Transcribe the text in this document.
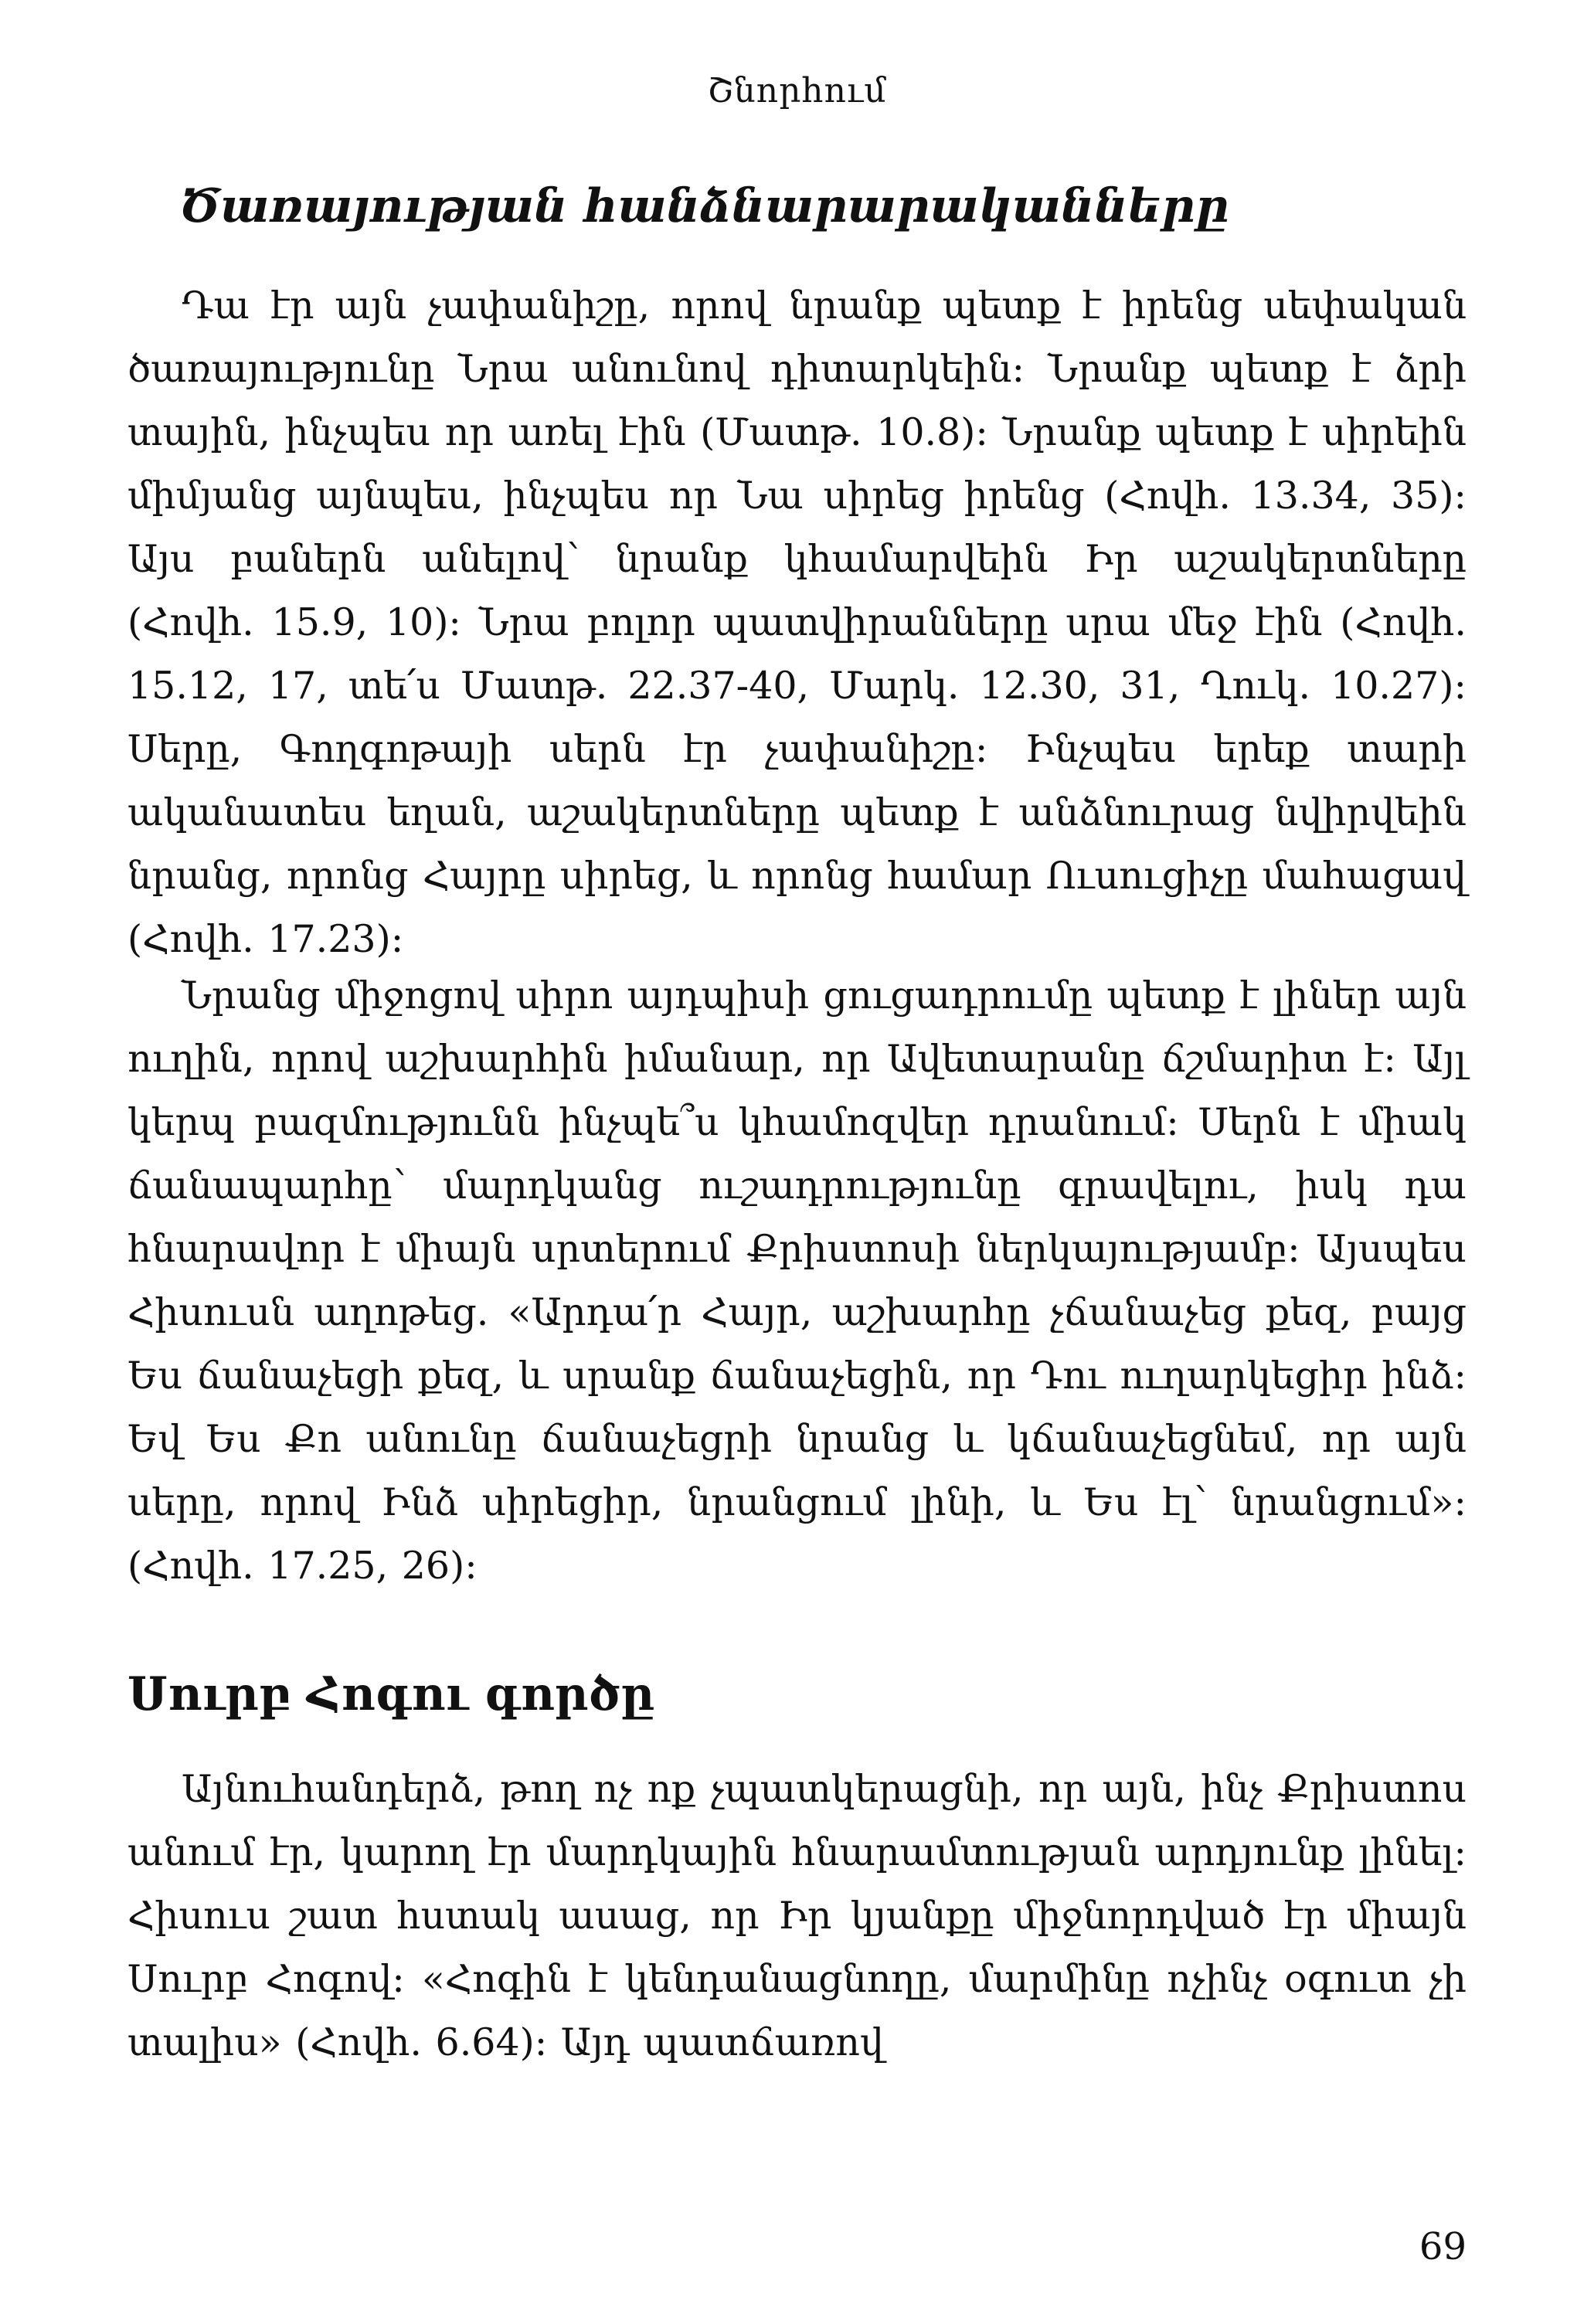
Շնորհում
Ծառայության հանձնարարականները

Դա էր այն չափանիշը, որով նրանք պետք է իրենց սեփական ծառայությունը Նրա անունով դիտարկեին: Նրանք պետք է ձրի տային, ինչպես որ առել էին (Մատթ. 10.8): Նրանք պետք է սիրեին միմյանց այնպես, ինչպես որ Նա սիրեց իրենց (Հովհ. 13.34, 35): Այս բաներն անելով՝ նրանք կհամարվեին Իր աշակերտները (Հովհ. 15.9, 10): Նրա բոլոր պատվիրանները սրա մեջ էին (Հովհ. 15.12, 17, տե՛ս Մատթ. 22.37-40, Մարկ. 12.30, 31, Ղուկ. 10.27): Սերը, Գողգոթայի սերն էր չափանիշը: Ինչպես երեք տարի ականատես եղան, աշակերտները պետք է անձնուրաց նվիրվեին նրանց, որոնց Հայրը սիրեց, և որոնց համար Ուսուցիչը մահացավ (Հովհ. 17.23):

Նրանց միջոցով սիրո այդպիսի ցուցադրումը պետք է լիներ այն ուղին, որով աշխարհին իմանար, որ Ավետարանը ճշմարիտ է: Այլ կերպ բազմությունն ինչպե՞ս կհամոզվեր դրանում: Սերն է միակ ճանապարհը՝ մարդկանց ուշադրությունը գրավելու, իսկ դա հնարավոր է միայն սրտերում Քրիստոսի ներկայությամբ: Այսպես Հիսուսն աղոթեց. «Արդա՛ր Հայր, աշխարհը չճանաչեց քեզ, բայց Ես ճանաչեցի քեզ, և սրանք ճանաչեցին, որ Դու ուղարկեցիր ինձ: Եվ Ես Քո անունը ճանաչեցրի նրանց և կճանաչեցնեմ, որ այն սերը, որով Ինձ սիրեցիր, նրանցում լինի, և Ես էլ՝ նրանցում»: (Հովհ. 17.25, 26):

Սուրբ Հոգու գործը

Այնուհանդերձ, թող ոչ ոք չպատկերացնի, որ այն, ինչ Քրիստոս անում էր, կարող էր մարդկային հնարամտության արդյունք լինել: Հիսուս շատ հստակ ասաց, որ Իր կյանքը միջնորդված էր միայն Սուրբ Հոգով: «Հոգին է կենդանացնողը, մարմինը ոչինչ օգուտ չի տալիս» (Հովհ. 6.64): Այդ պատճառով

69
